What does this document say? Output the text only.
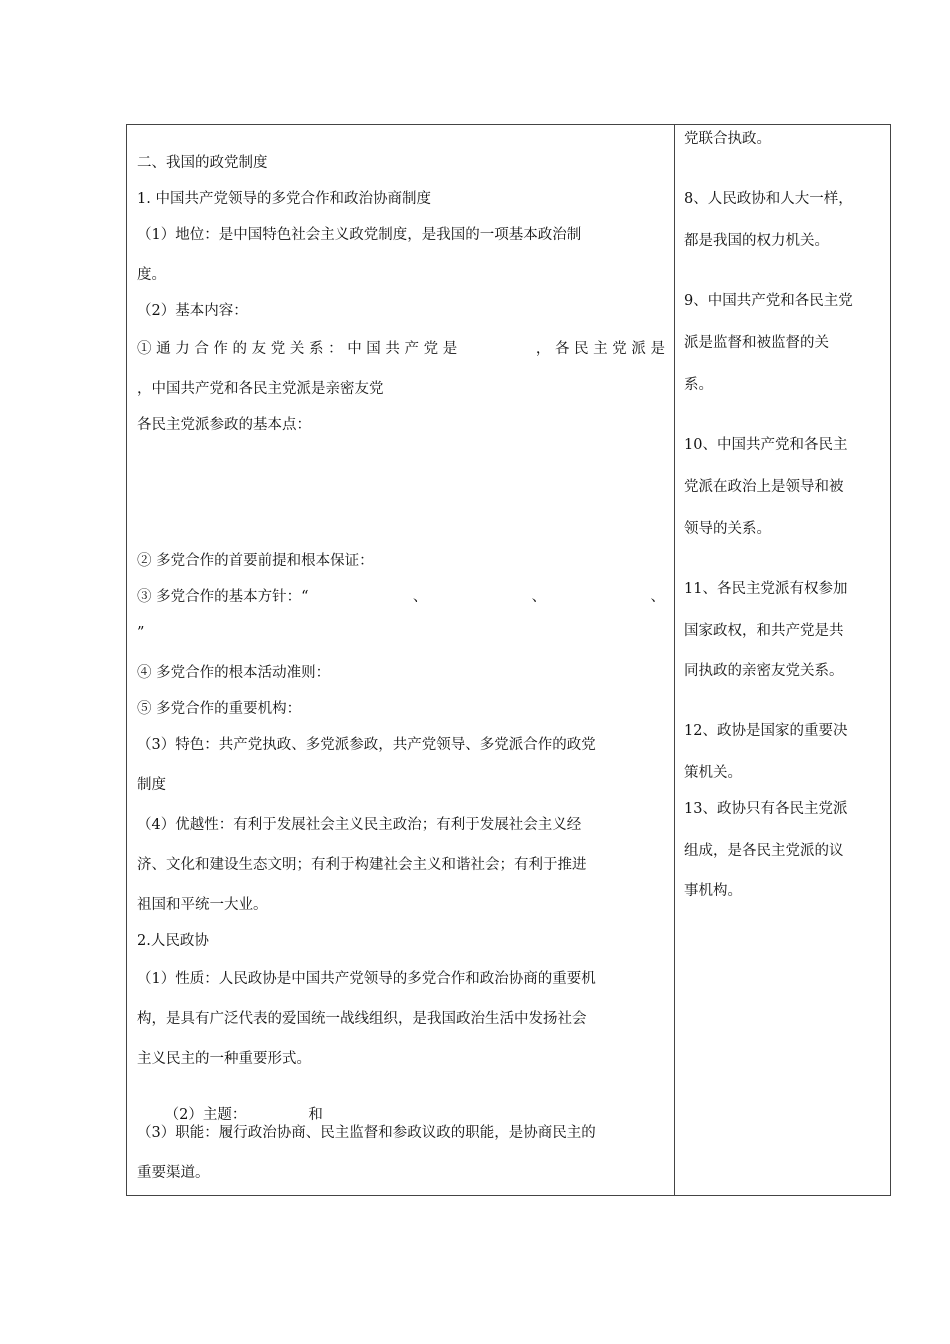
二、我国的政党制度
1. 中国共产党领导的多党合作和政治协商制度
（1）地位：是中国特色社会主义政党制度，是我国的一项基本政治制
度。
（2）基本内容：
① 通 力 合 作 的 友 党 关 系 ： 中 国 共 产 党 是	， 各 民 主 党 派 是
，中国共产党和各民主党派是亲密友党
各民主党派参政的基本点：
② 多党合作的首要前提和根本保证：
③ 多党合作的基本方针：“	、	、	、
”
④ 多党合作的根本活动准则：
⑤ 多党合作的重要机构：
（3）特色：共产党执政、多党派参政，共产党领导、多党派合作的政党
制度
（4）优越性：有利于发展社会主义民主政治；有利于发展社会主义经
济、文化和建设生态文明；有利于构建社会主义和谐社会；有利于推进
祖国和平统一大业。
2.人民政协
（1）性质：人民政协是中国共产党领导的多党合作和政治协商的重要机
构，是具有广泛代表的爱国统一战线组织，是我国政治生活中发扬社会
主义民主的一种重要形式。

（2）主题：	和

（3）职能：履行政治协商、民主监督和参政议政的职能，是协商民主的
重要渠道。
党联合执政。
8、人民政协和人大一样，
都是我国的权力机关。
9、中国共产党和各民主党
派是监督和被监督的关
系。
10、中国共产党和各民主
党派在政治上是领导和被
领导的关系。
11、各民主党派有权参加
国家政权，和共产党是共
同执政的亲密友党关系。
12、政协是国家的重要决
策机关。
13、政协只有各民主党派
组成，是各民主党派的议
事机构。
